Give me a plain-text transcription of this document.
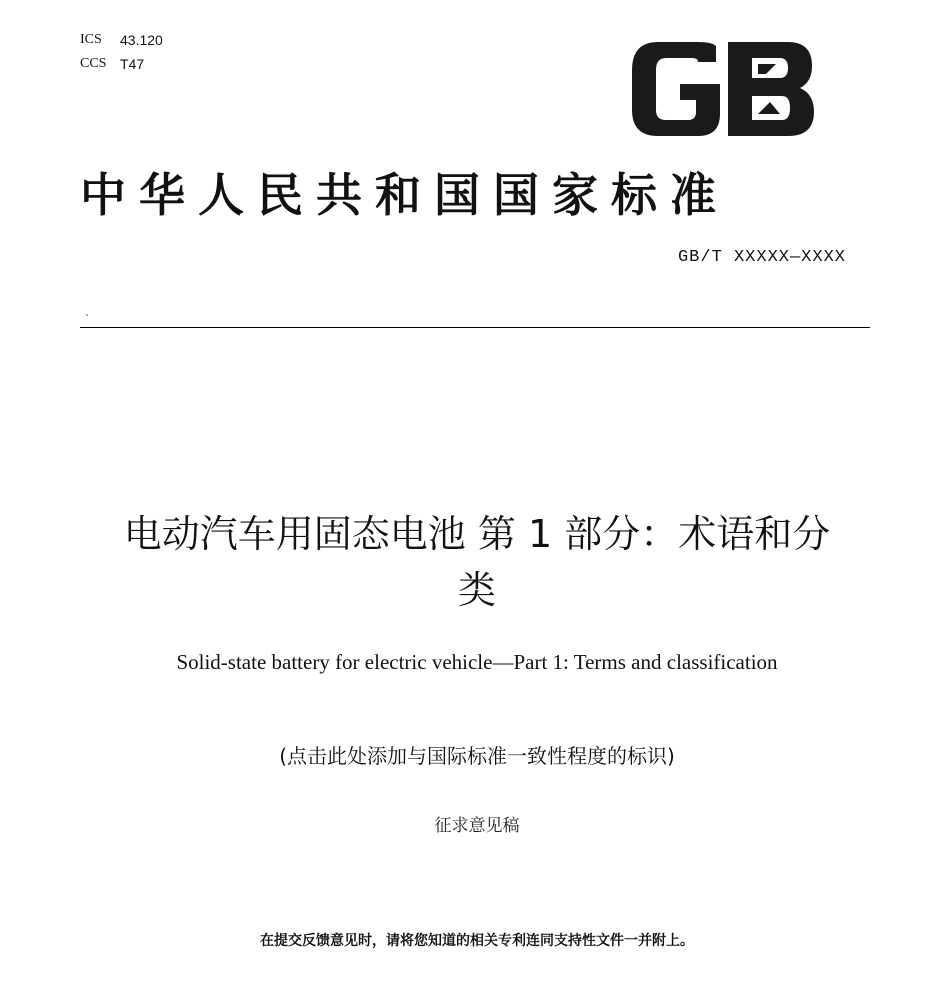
ICS	43.120
CCS T47
中华人民共和国国家标准
GB/T XXXXX—XXXX
`
电动汽车用固态电池 第 1 部分：术语和分
类
Solid-state battery for electric vehicle—Part 1: Terms and classification
(点击此处添加与国际标准一致性程度的标识)
征求意见稿
在提交反馈意见时，请将您知道的相关专利连同支持性文件一并附上。
